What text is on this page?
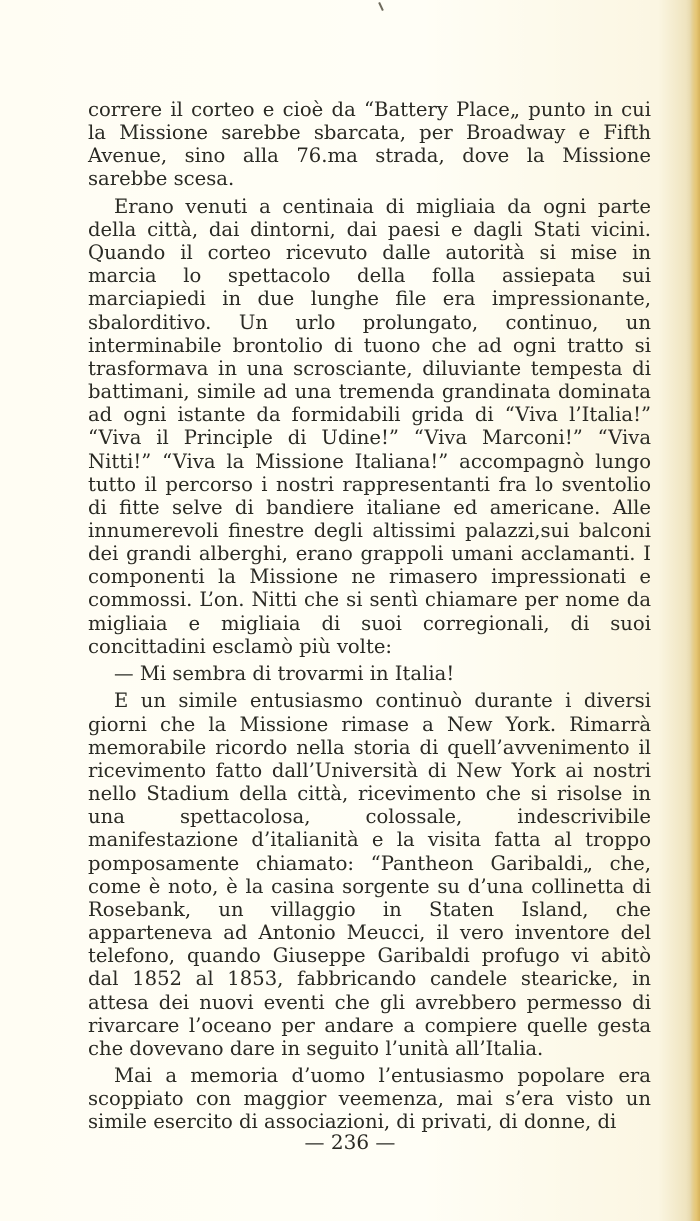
correre il corteo e cioè da “Battery Place„ punto in cui la Missione sarebbe sbarcata, per Broadway e Fifth Avenue, sino alla 76.ma strada, dove la Missione sarebbe scesa.

Erano venuti a centinaia di migliaia da ogni parte della città, dai dintorni, dai paesi e dagli Stati vicini. Quando il corteo ricevuto dalle autorità si mise in marcia lo spettacolo della folla assiepata sui marciapiedi in due lunghe file era impressionante, sbalorditivo. Un urlo prolungato, continuo, un interminabile brontolio di tuono che ad ogni tratto si trasformava in una scrosciante, diluviante tempesta di battimani, simile ad una tremenda grandinata dominata ad ogni istante da formidabili grida di “Viva l’Italia!” “Viva il Principle di Udine!” “Viva Marconi!” “Viva Nitti!” “Viva la Missione Italiana!” accompagnò lungo tutto il percorso i nostri rappresentanti fra lo sventolio di fitte selve di bandiere italiane ed americane. Alle innumerevoli finestre degli altissimi palazzi,sui balconi dei grandi alberghi, erano grappoli umani acclamanti. I componenti la Missione ne rimasero impressionati e commossi. L’on. Nitti che si sentì chiamare per nome da migliaia e migliaia di suoi corregionali, di suoi concittadini esclamò più volte:

— Mi sembra di trovarmi in Italia!

E un simile entusiasmo continuò durante i diversi giorni che la Missione rimase a New York. Rimarrà memorabile ricordo nella storia di quell’avvenimento il ricevimento fatto dall’Università di New York ai nostri nello Stadium della città, ricevimento che si risolse in una spettacolosa, colossale, indescrivibile manifestazione d’italianità e la visita fatta al troppo pomposamente chiamato: “Pantheon Garibaldi„ che, come è noto, è la casina sorgente su d’una collinetta di Rosebank, un villaggio in Staten Island, che apparteneva ad Antonio Meucci, il vero inventore del telefono, quando Giuseppe Garibaldi profugo vi abitò dal 1852 al 1853, fabbricando candele stearicke, in attesa dei nuovi eventi che gli avrebbero permesso di rivarcare l’oceano per andare a compiere quelle gesta che dovevano dare in seguito l’unità all’Italia.

Mai a memoria d’uomo l’entusiasmo popolare era scoppiato con maggior veemenza, mai s’era visto un simile esercito di associazioni, di privati, di donne, di

— 236 —
